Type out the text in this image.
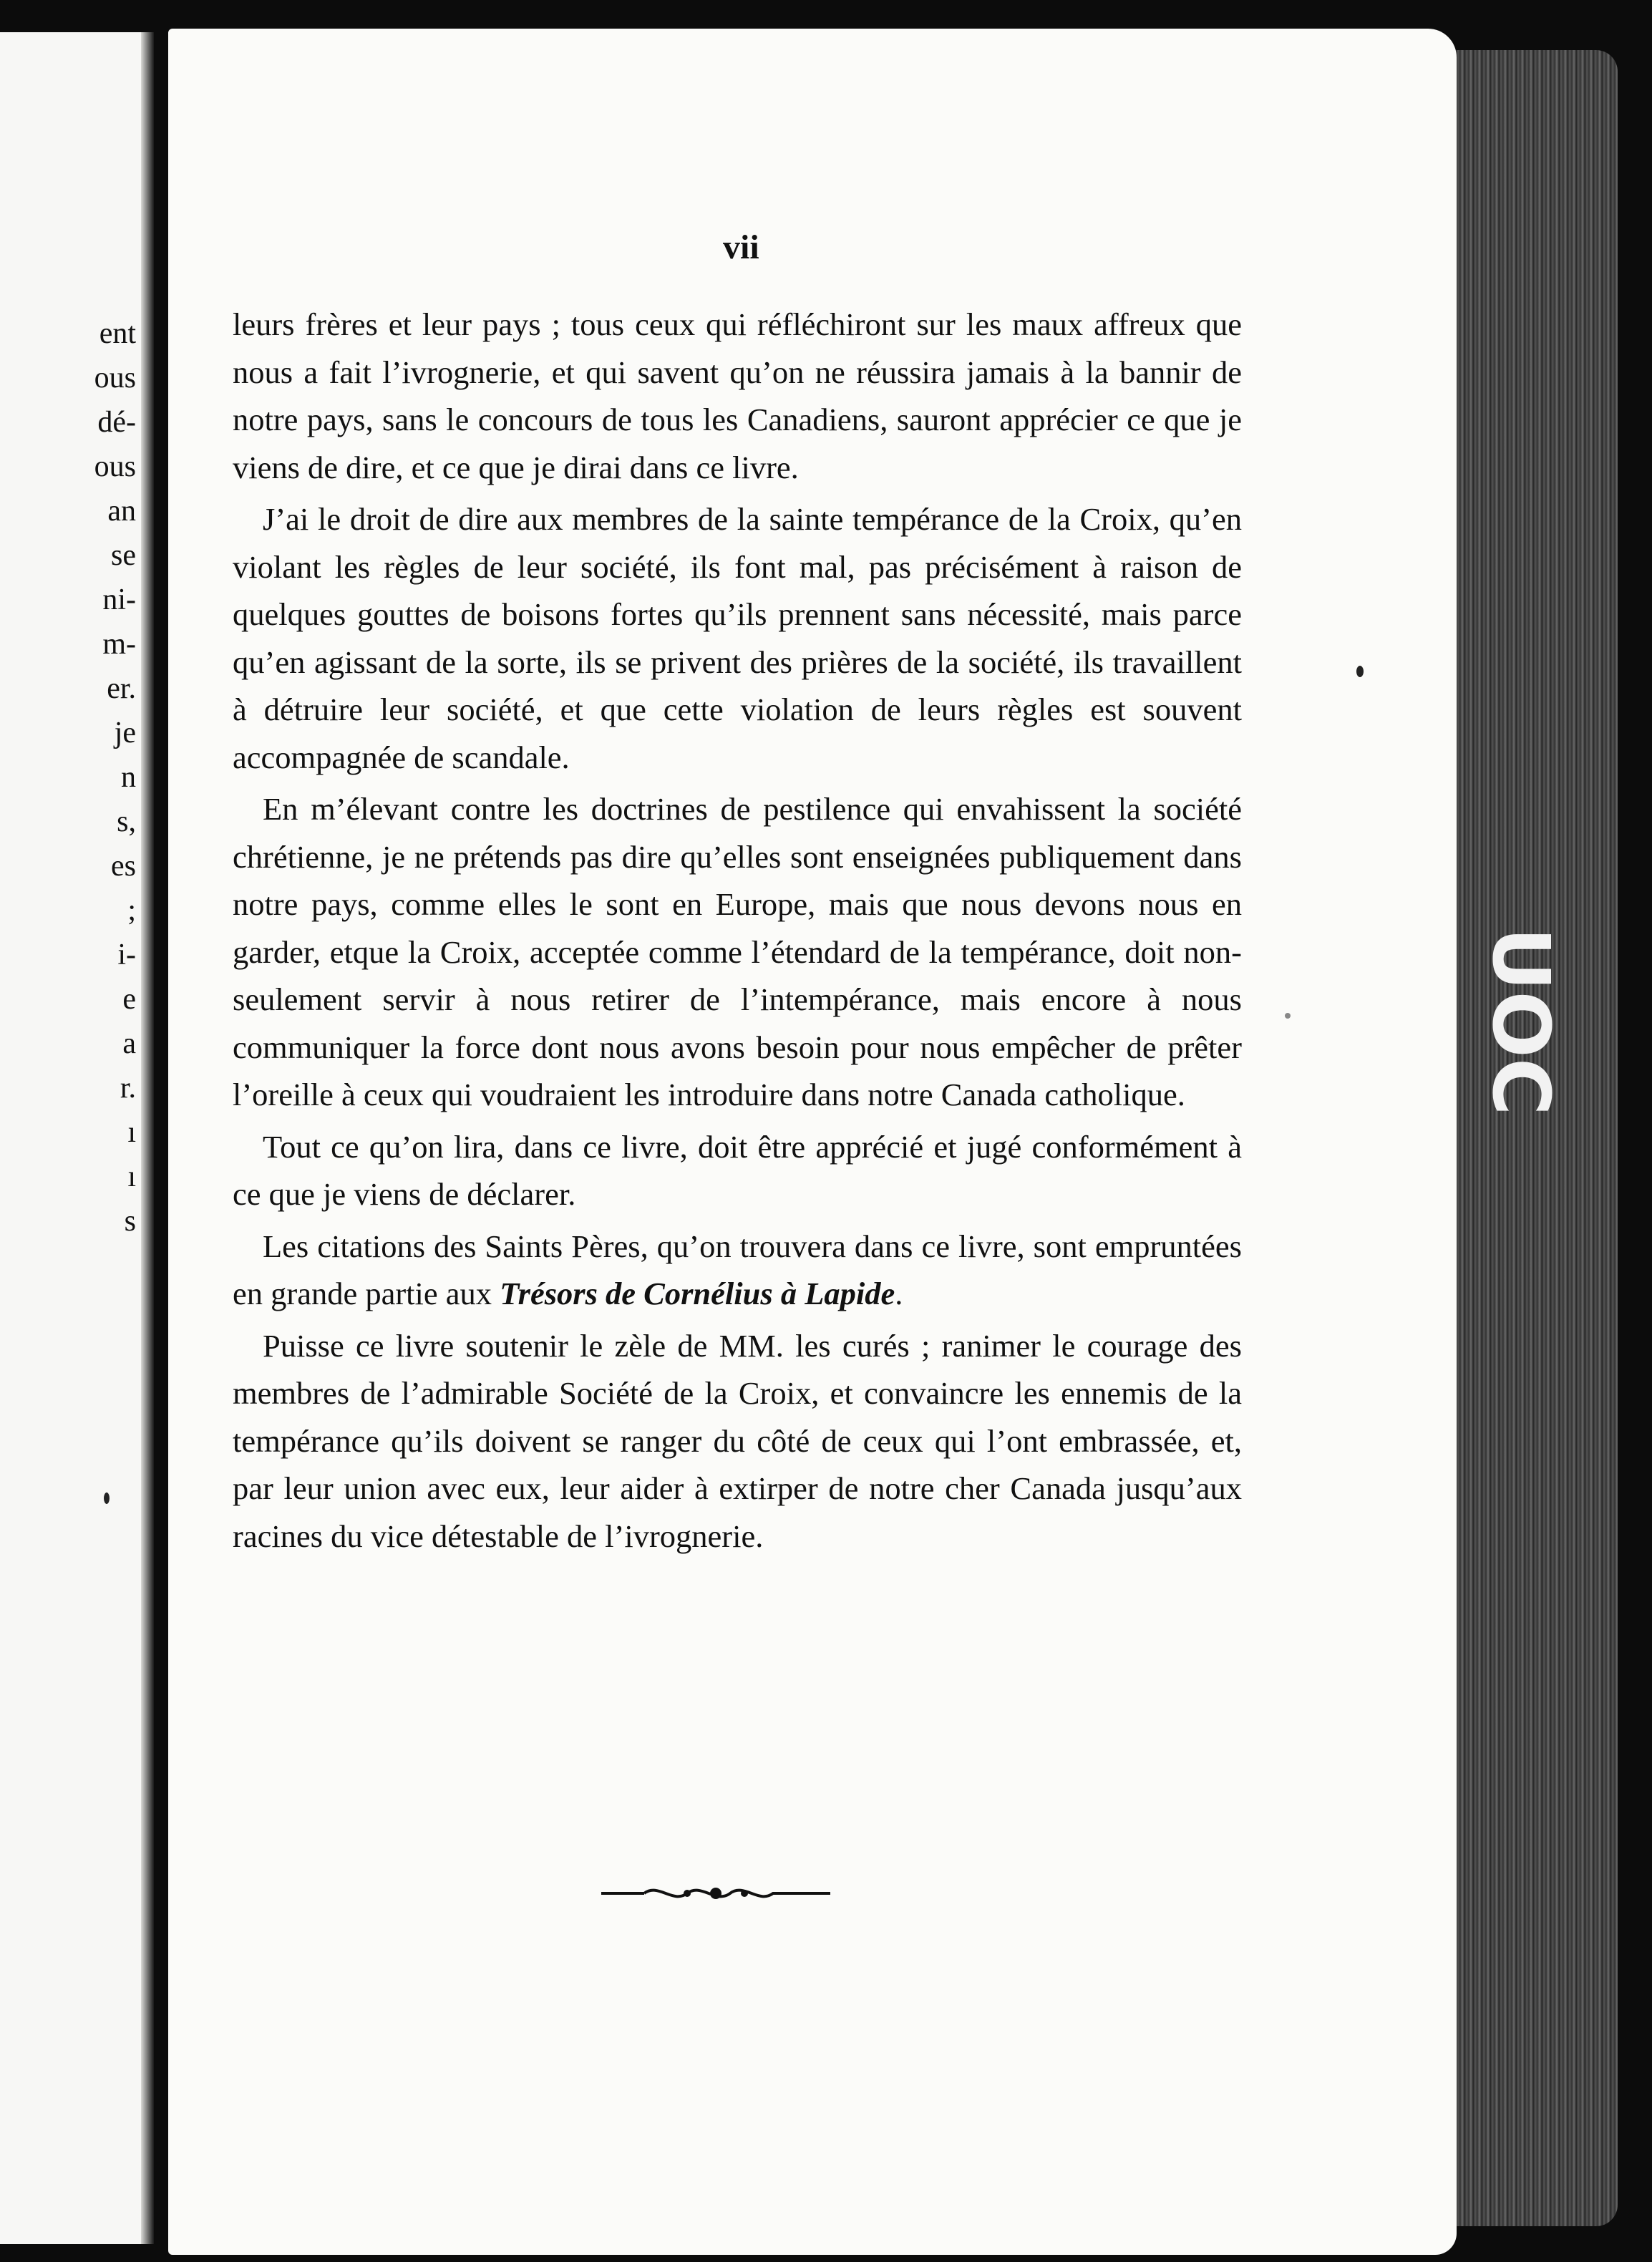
ent
ous
dé-
ous
an
se
ni-
m-
er.
je
n
s,
es
;
i-
e
a
r.
ı
ı
s
vii

leurs frères et leur pays ; tous ceux qui réfléchiront sur les maux affreux que nous a fait l’ivrognerie, et qui savent qu’on ne réussira jamais à la bannir de notre pays, sans le concours de tous les Canadiens, sauront apprécier ce que je viens de dire, et ce que je dirai dans ce livre.

J’ai le droit de dire aux membres de la sainte tempérance de la Croix, qu’en violant les règles de leur société, ils font mal, pas précisément à raison de quelques gouttes de boisons fortes qu’ils prennent sans nécessité, mais parce qu’en agissant de la sorte, ils se privent des prières de la société, ils travaillent à détruire leur société, et que cette violation de leurs règles est souvent accompagnée de scandale.

En m’élevant contre les doctrines de pestilence qui envahissent la société chrétienne, je ne prétends pas dire qu’elles sont enseignées publiquement dans notre pays, comme elles le sont en Europe, mais que nous devons nous en garder, etque la Croix, acceptée comme l’étendard de la tempérance, doit non-seulement servir à nous retirer de l’intempérance, mais encore à nous communiquer la force dont nous avons besoin pour nous empêcher de prêter l’oreille à ceux qui voudraient les introduire dans notre Canada catholique.

Tout ce qu’on lira, dans ce livre, doit être apprécié et jugé conformément à ce que je viens de déclarer.

Les citations des Saints Pères, qu’on trouvera dans ce livre, sont empruntées en grande partie aux Trésors de Cornélius à Lapide.

Puisse ce livre soutenir le zèle de MM. les curés ; ranimer le courage des membres de l’admirable Société de la Croix, et convaincre les ennemis de la tempérance qu’ils doivent se ranger du côté de ceux qui l’ont embrassée, et, par leur union avec eux, leur aider à extirper de notre cher Canada jusqu’aux racines du vice détestable de l’ivrognerie.
